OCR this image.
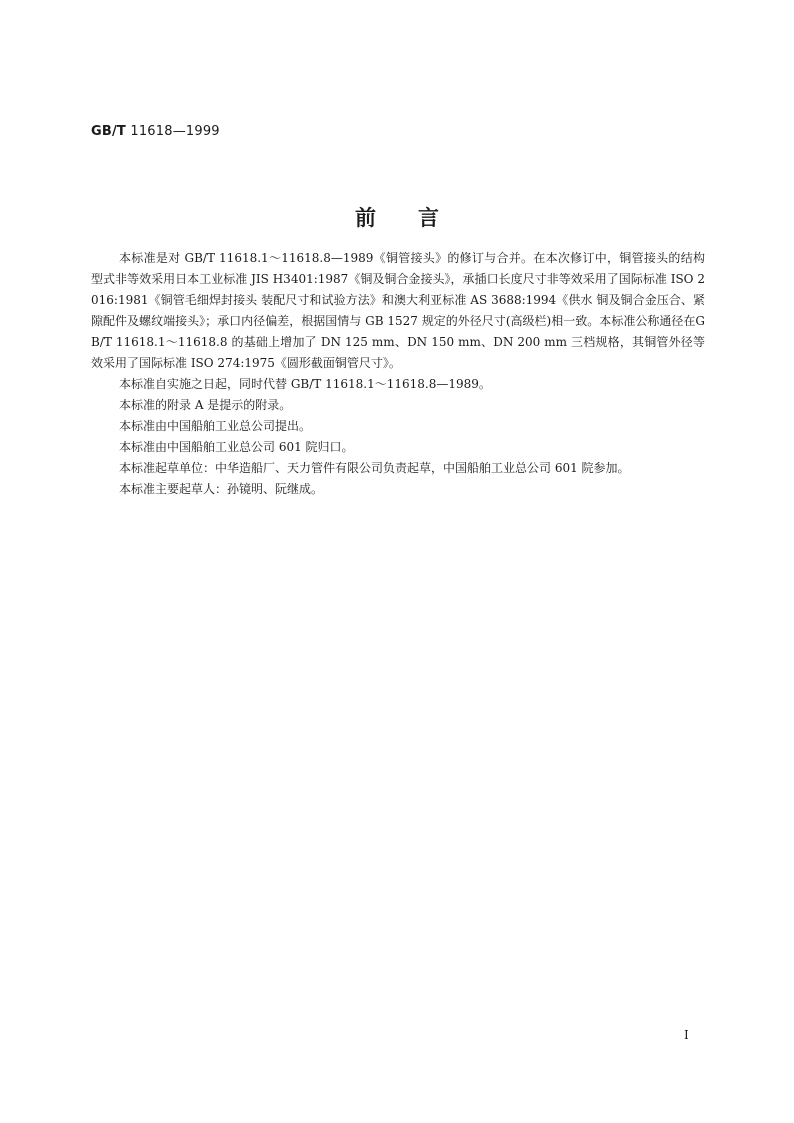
GB/T 11618—1999
前言

本标准是对 GB/T 11618.1～11618.8—1989《铜管接头》的修订与合并。在本次修订中，铜管接头的结构型式非等效采用日本工业标准 JIS H3401:1987《铜及铜合金接头》，承插口长度尺寸非等效采用了国际标准 ISO 2016:1981《铜管毛细焊封接头 装配尺寸和试验方法》和澳大利亚标准 AS 3688:1994《供水 铜及铜合金压合、紧隙配件及螺纹端接头》；承口内径偏差，根据国情与 GB 1527 规定的外径尺寸(高级栏)相一致。本标准公称通径在GB/T 11618.1～11618.8 的基础上增加了 DN 125 mm、DN 150 mm、DN 200 mm 三档规格，其铜管外径等效采用了国际标准 ISO 274:1975《圆形截面铜管尺寸》。

本标准自实施之日起，同时代替 GB/T 11618.1～11618.8—1989。

本标准的附录 A 是提示的附录。

本标准由中国船舶工业总公司提出。

本标准由中国船舶工业总公司 601 院归口。

本标准起草单位：中华造船厂、天力管件有限公司负责起草，中国船舶工业总公司 601 院参加。

本标准主要起草人：孙镜明、阮继成。

I
